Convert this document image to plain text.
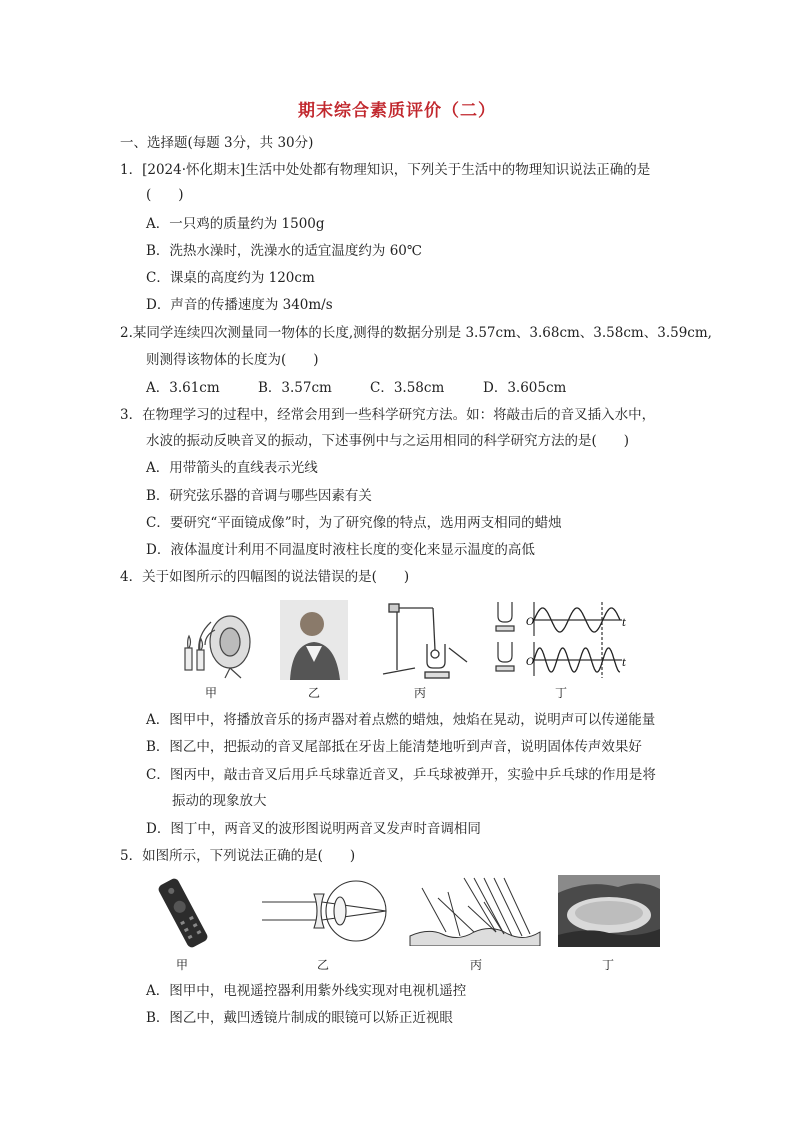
期末综合素质评价（二）
一、选择题(每题 3分，共 30分)
1．[2024·怀化期末]生活中处处都有物理知识，下列关于生活中的物理知识说法正确的是
(　　)
A．一只鸡的质量约为 1500g
B．洗热水澡时，洗澡水的适宜温度约为 60℃
C．课桌的高度约为 120cm
D．声音的传播速度为 340m/s
2.某同学连续四次测量同一物体的长度,测得的数据分别是 3.57cm、3.68cm、3.58cm、3.59cm,
则测得该物体的长度为(　　)
A．3.61cm	B．3.57cm	C．3.58cm	D．3.605cm
3．在物理学习的过程中，经常会用到一些科学研究方法。如：将敲击后的音叉插入水中，
水波的振动反映音叉的振动，下述事例中与之运用相同的科学研究方法的是(　　)
A．用带箭头的直线表示光线
B．研究弦乐器的音调与哪些因素有关
C．要研究“平面镜成像”时，为了研究像的特点，选用两支相同的蜡烛
D．液体温度计利用不同温度时液柱长度的变化来显示温度的高低
4．关于如图所示的四幅图的说法错误的是(　　)
甲	乙	丙
O	t
O	t
丁
A．图甲中，将播放音乐的扬声器对着点燃的蜡烛，烛焰在晃动，说明声可以传递能量
B．图乙中，把振动的音叉尾部抵在牙齿上能清楚地听到声音，说明固体传声效果好
C．图丙中，敲击音叉后用乒乓球靠近音叉，乒乓球被弹开，实验中乒乓球的作用是将
振动的现象放大
D．图丁中，两音叉的波形图说明两音叉发声时音调相同
5．如图所示，下列说法正确的是(　　)
甲	乙	丙	丁
A．图甲中，电视遥控器利用紫外线实现对电视机遥控
B．图乙中，戴凹透镜片制成的眼镜可以矫正近视眼
